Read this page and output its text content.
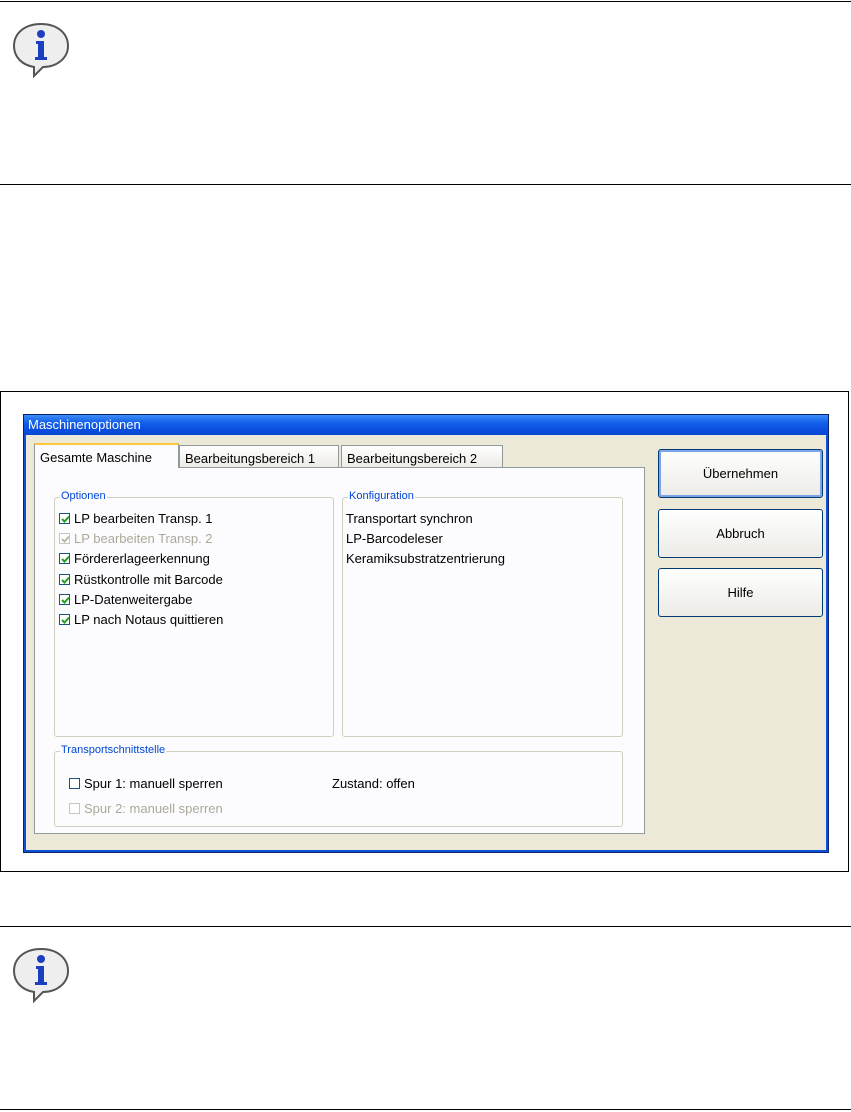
Maschinenoptionen
Gesamte Maschine	Bearbeitungsbereich 1	Bearbeitungsbereich 2
Optionen
LP bearbeiten Transp. 1
LP bearbeiten Transp. 2
Fördererlageerkennung
Rüstkontrolle mit Barcode
LP-Datenweitergabe
LP nach Notaus quittieren
Konfiguration
Transportart synchron
LP-Barcodeleser
Keramiksubstratzentrierung
Transportschnittstelle
Spur 1: manuell sperren
Spur 2: manuell sperren
Zustand: offen
Übernehmen
Abbruch
Hilfe
